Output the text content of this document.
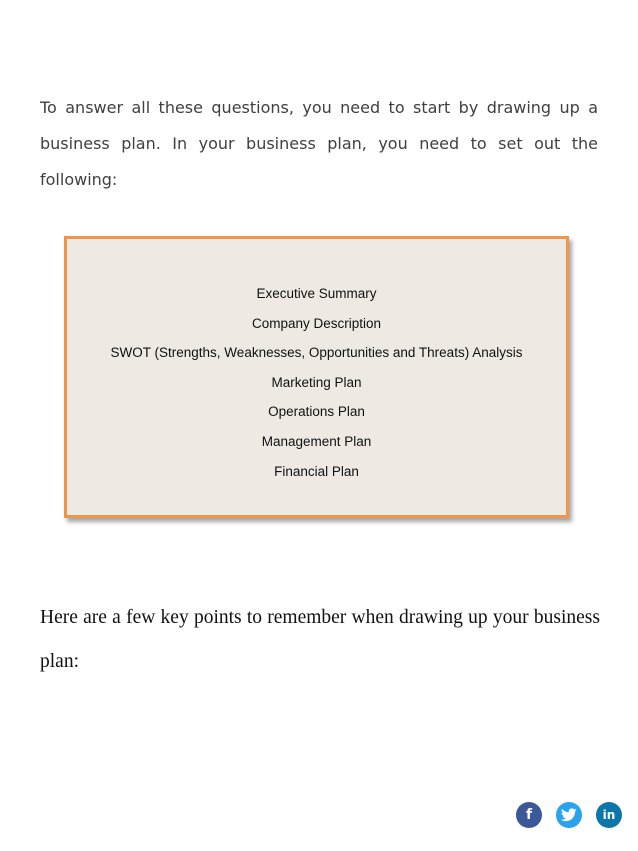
To answer all these questions, you need to start by drawing up a business plan. In your business plan, you need to set out the following:

Executive Summary
Company Description
SWOT (Strengths, Weaknesses, Opportunities and Threats) Analysis
Marketing Plan
Operations Plan
Management Plan
Financial Plan

Here are a few key points to remember when drawing up your business plan:

f	in
